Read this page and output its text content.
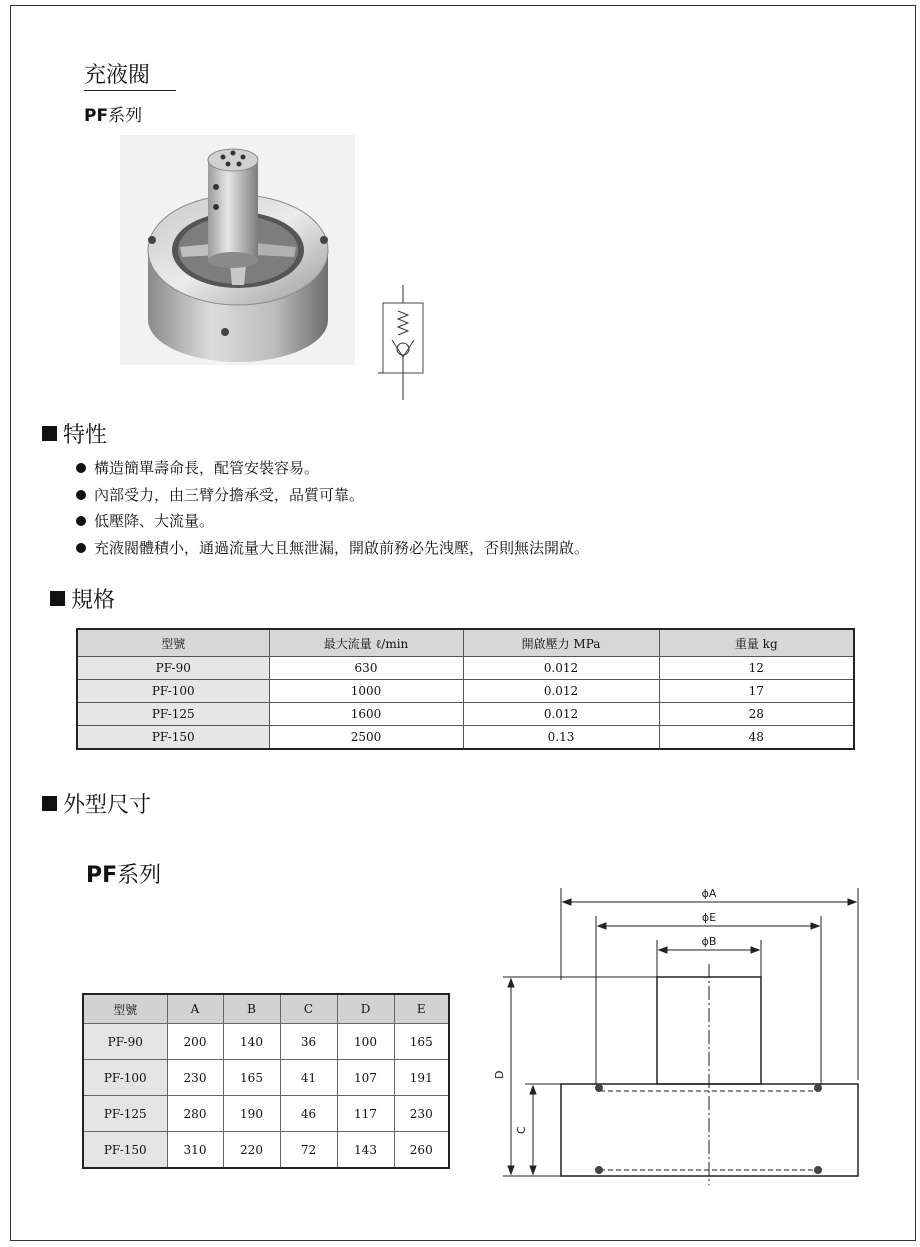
充液閥
PF系列
特性
構造簡單壽命長，配管安裝容易。
內部受力，由三臂分擔承受，品質可靠。
低壓降、大流量。
充液閥體積小，通過流量大且無泄漏，開啟前務必先洩壓，否則無法開啟。
規格
型號	最大流量 ℓ/min	開啟壓力 MPa	重量 kg
PF-90	630	0.012	12
PF-100	1000	0.012	17
PF-125	1600	0.012	28
PF-150	2500	0.13	48
外型尺寸
PF系列
型號	A	B	C	D	E
PF-90	200	140	36	100	165
PF-100	230	165	41	107	191
PF-125	280	190	46	117	230
PF-150	310	220	72	143	260
ϕA
ϕE
ϕB
D
C
